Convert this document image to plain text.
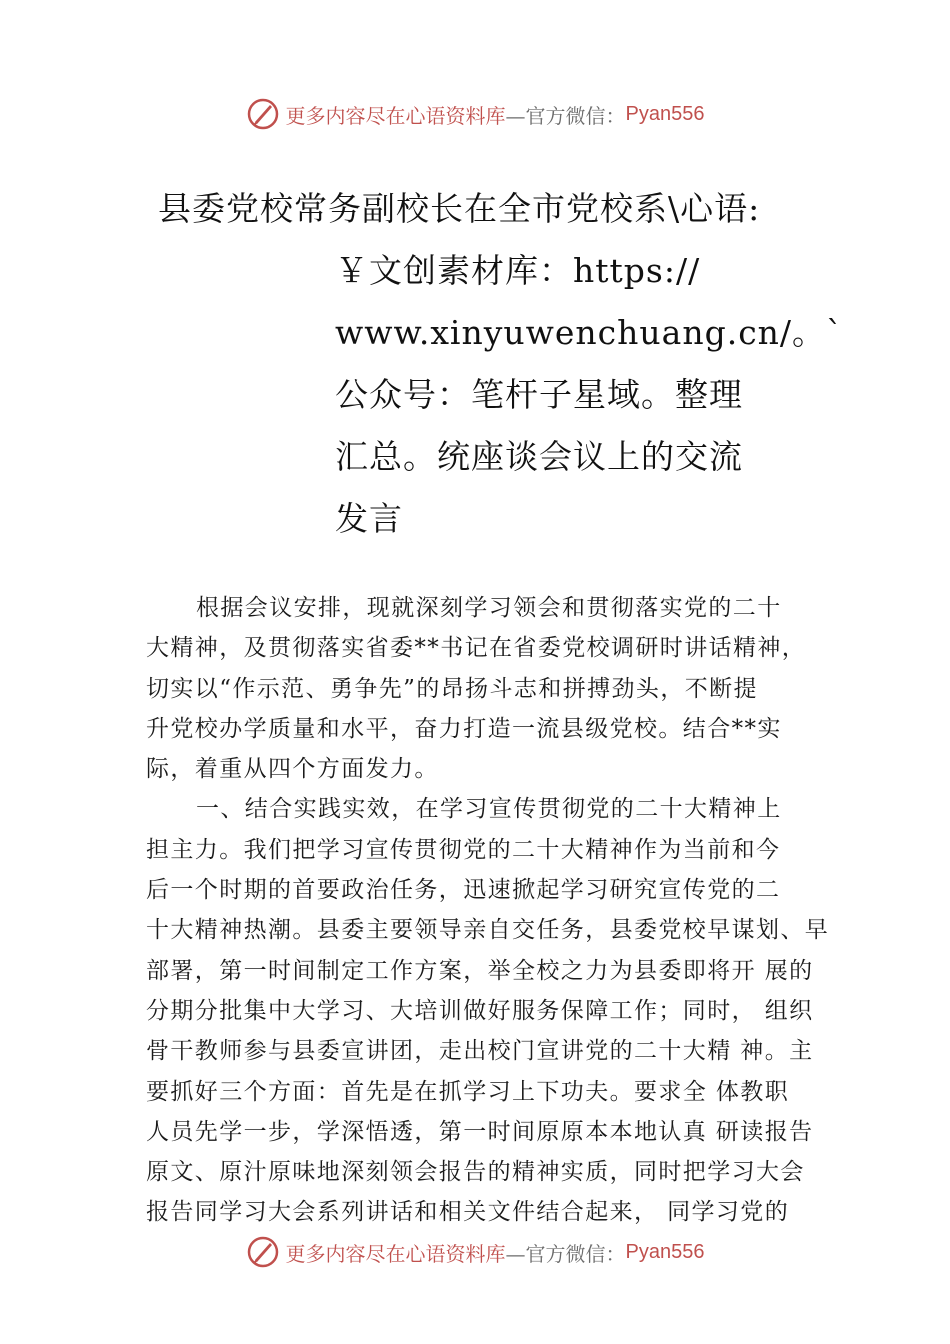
更多内容尽在心语资料库 —官方微信： Pyan556
县委党校常务副校长在全市党校系\心语:
￥文创素材库：https://
www.xinyuwenchuang.cn/。`
公众号：笔杆子星域。整理
汇总。统座谈会议上的交流
发言
根据会议安排，现就深刻学习领会和贯彻落实党的二十
大精神，及贯彻落实省委**书记在省委党校调研时讲话精神，
切实以“作示范、勇争先”的昂扬斗志和拼搏劲头，不断提
升党校办学质量和水平，奋力打造一流县级党校。结合**实
际，着重从四个方面发力。
一、结合实践实效，在学习宣传贯彻党的二十大精神上
担主力。我们把学习宣传贯彻党的二十大精神作为当前和今
后一个时期的首要政治任务，迅速掀起学习研究宣传党的二
十大精神热潮。县委主要领导亲自交任务，县委党校早谋划、早
部署，第一时间制定工作方案，举全校之力为县委即将开 展的
分期分批集中大学习、大培训做好服务保障工作；同时， 组织
骨干教师参与县委宣讲团，走出校门宣讲党的二十大精 神。主
要抓好三个方面：首先是在抓学习上下功夫。要求全 体教职
人员先学一步，学深悟透，第一时间原原本本地认真 研读报告
原文、原汁原味地深刻领会报告的精神实质，同时把学习大会
报告同学习大会系列讲话和相关文件结合起来， 同学习党的
更多内容尽在心语资料库 —官方微信： Pyan556
